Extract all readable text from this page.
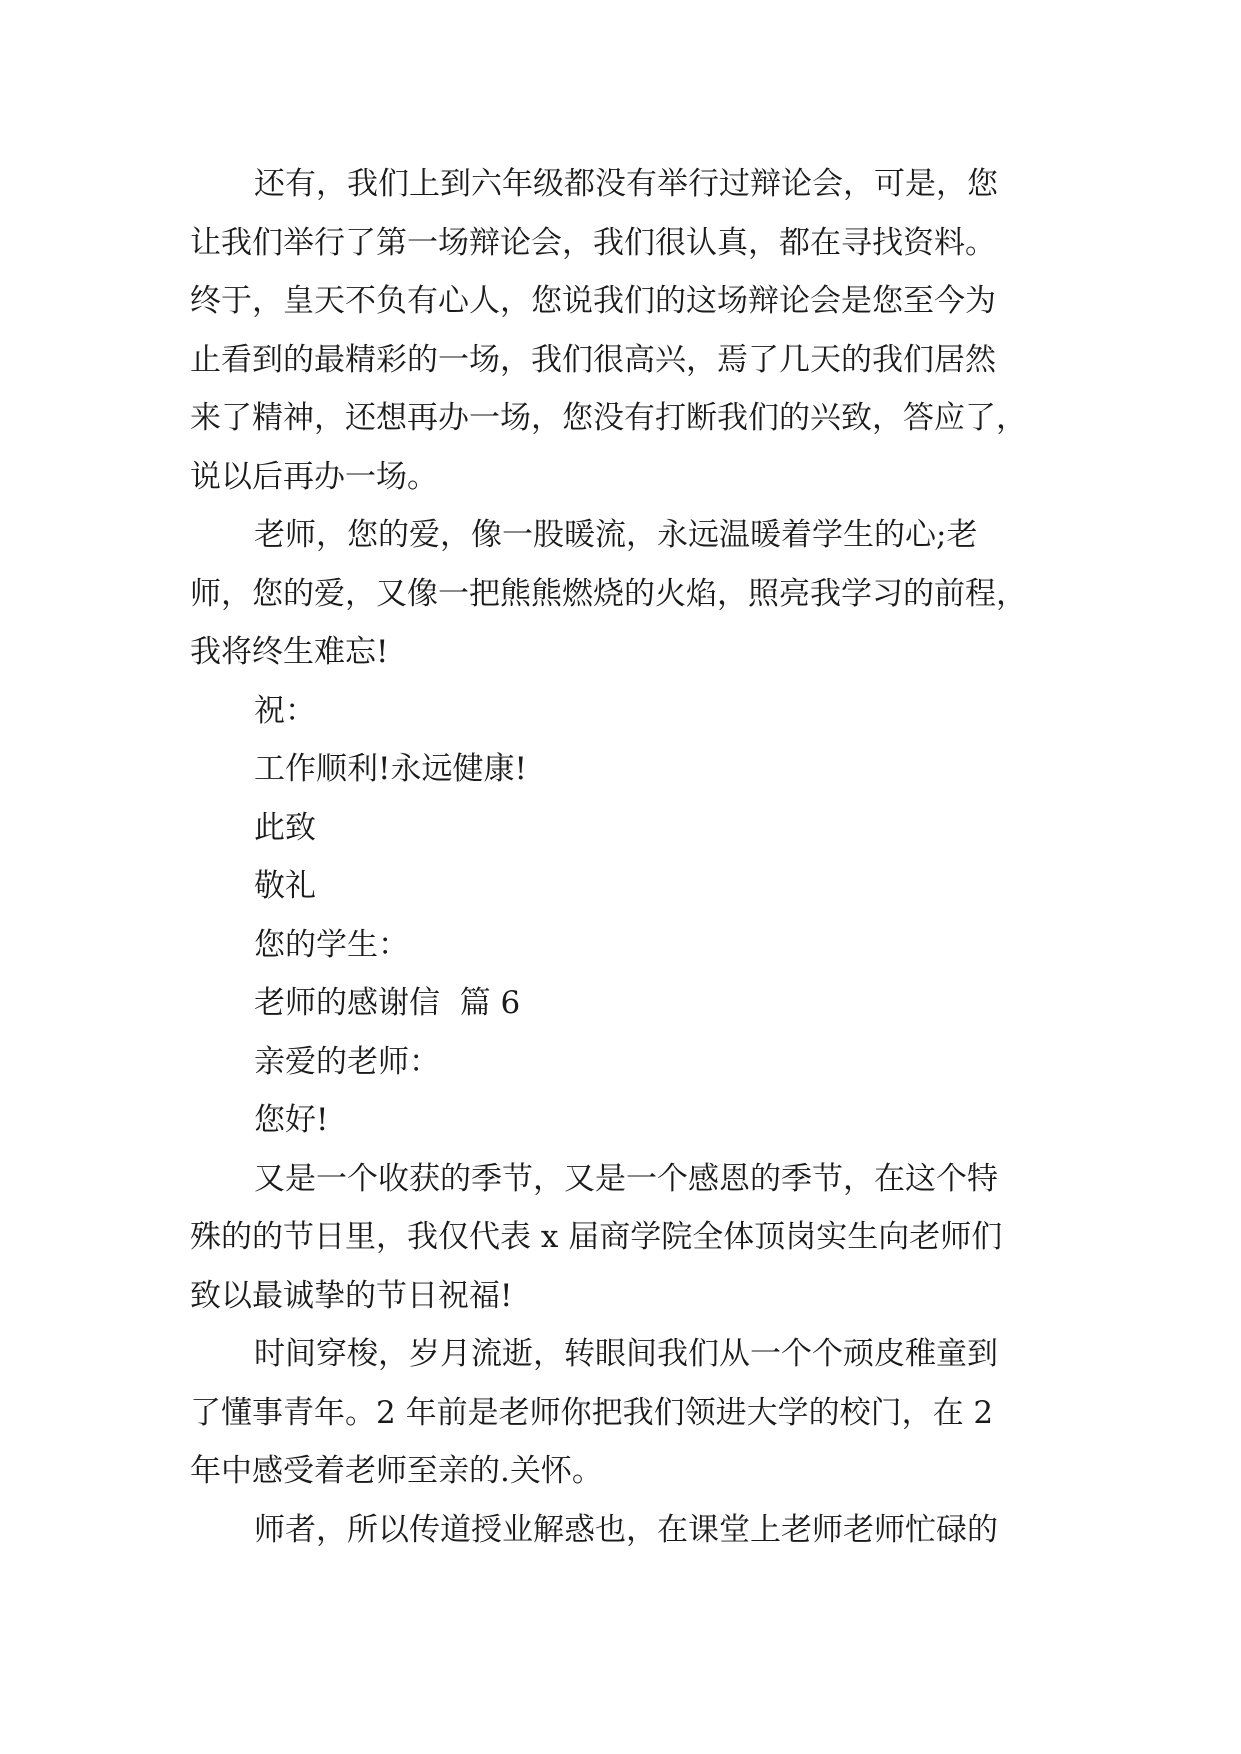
还有，我们上到六年级都没有举行过辩论会，可是，您
让我们举行了第一场辩论会，我们很认真，都在寻找资料。
终于，皇天不负有心人，您说我们的这场辩论会是您至今为
止看到的最精彩的一场，我们很高兴，焉了几天的我们居然
来了精神，还想再办一场，您没有打断我们的兴致，答应了，
说以后再办一场。
老师，您的爱，像一股暖流，永远温暖着学生的心;老
师，您的爱，又像一把熊熊燃烧的火焰，照亮我学习的前程，
我将终生难忘!
祝：
工作顺利!永远健康!
此致
敬礼
您的学生：
老师的感谢信  篇 6
亲爱的老师：
您好!
又是一个收获的季节，又是一个感恩的季节，在这个特
殊的的节日里，我仅代表 x 届商学院全体顶岗实生向老师们
致以最诚挚的节日祝福!
时间穿梭，岁月流逝，转眼间我们从一个个顽皮稚童到
了懂事青年。2 年前是老师你把我们领进大学的校门，在 2
年中感受着老师至亲的.关怀。
师者，所以传道授业解惑也，在课堂上老师老师忙碌的
